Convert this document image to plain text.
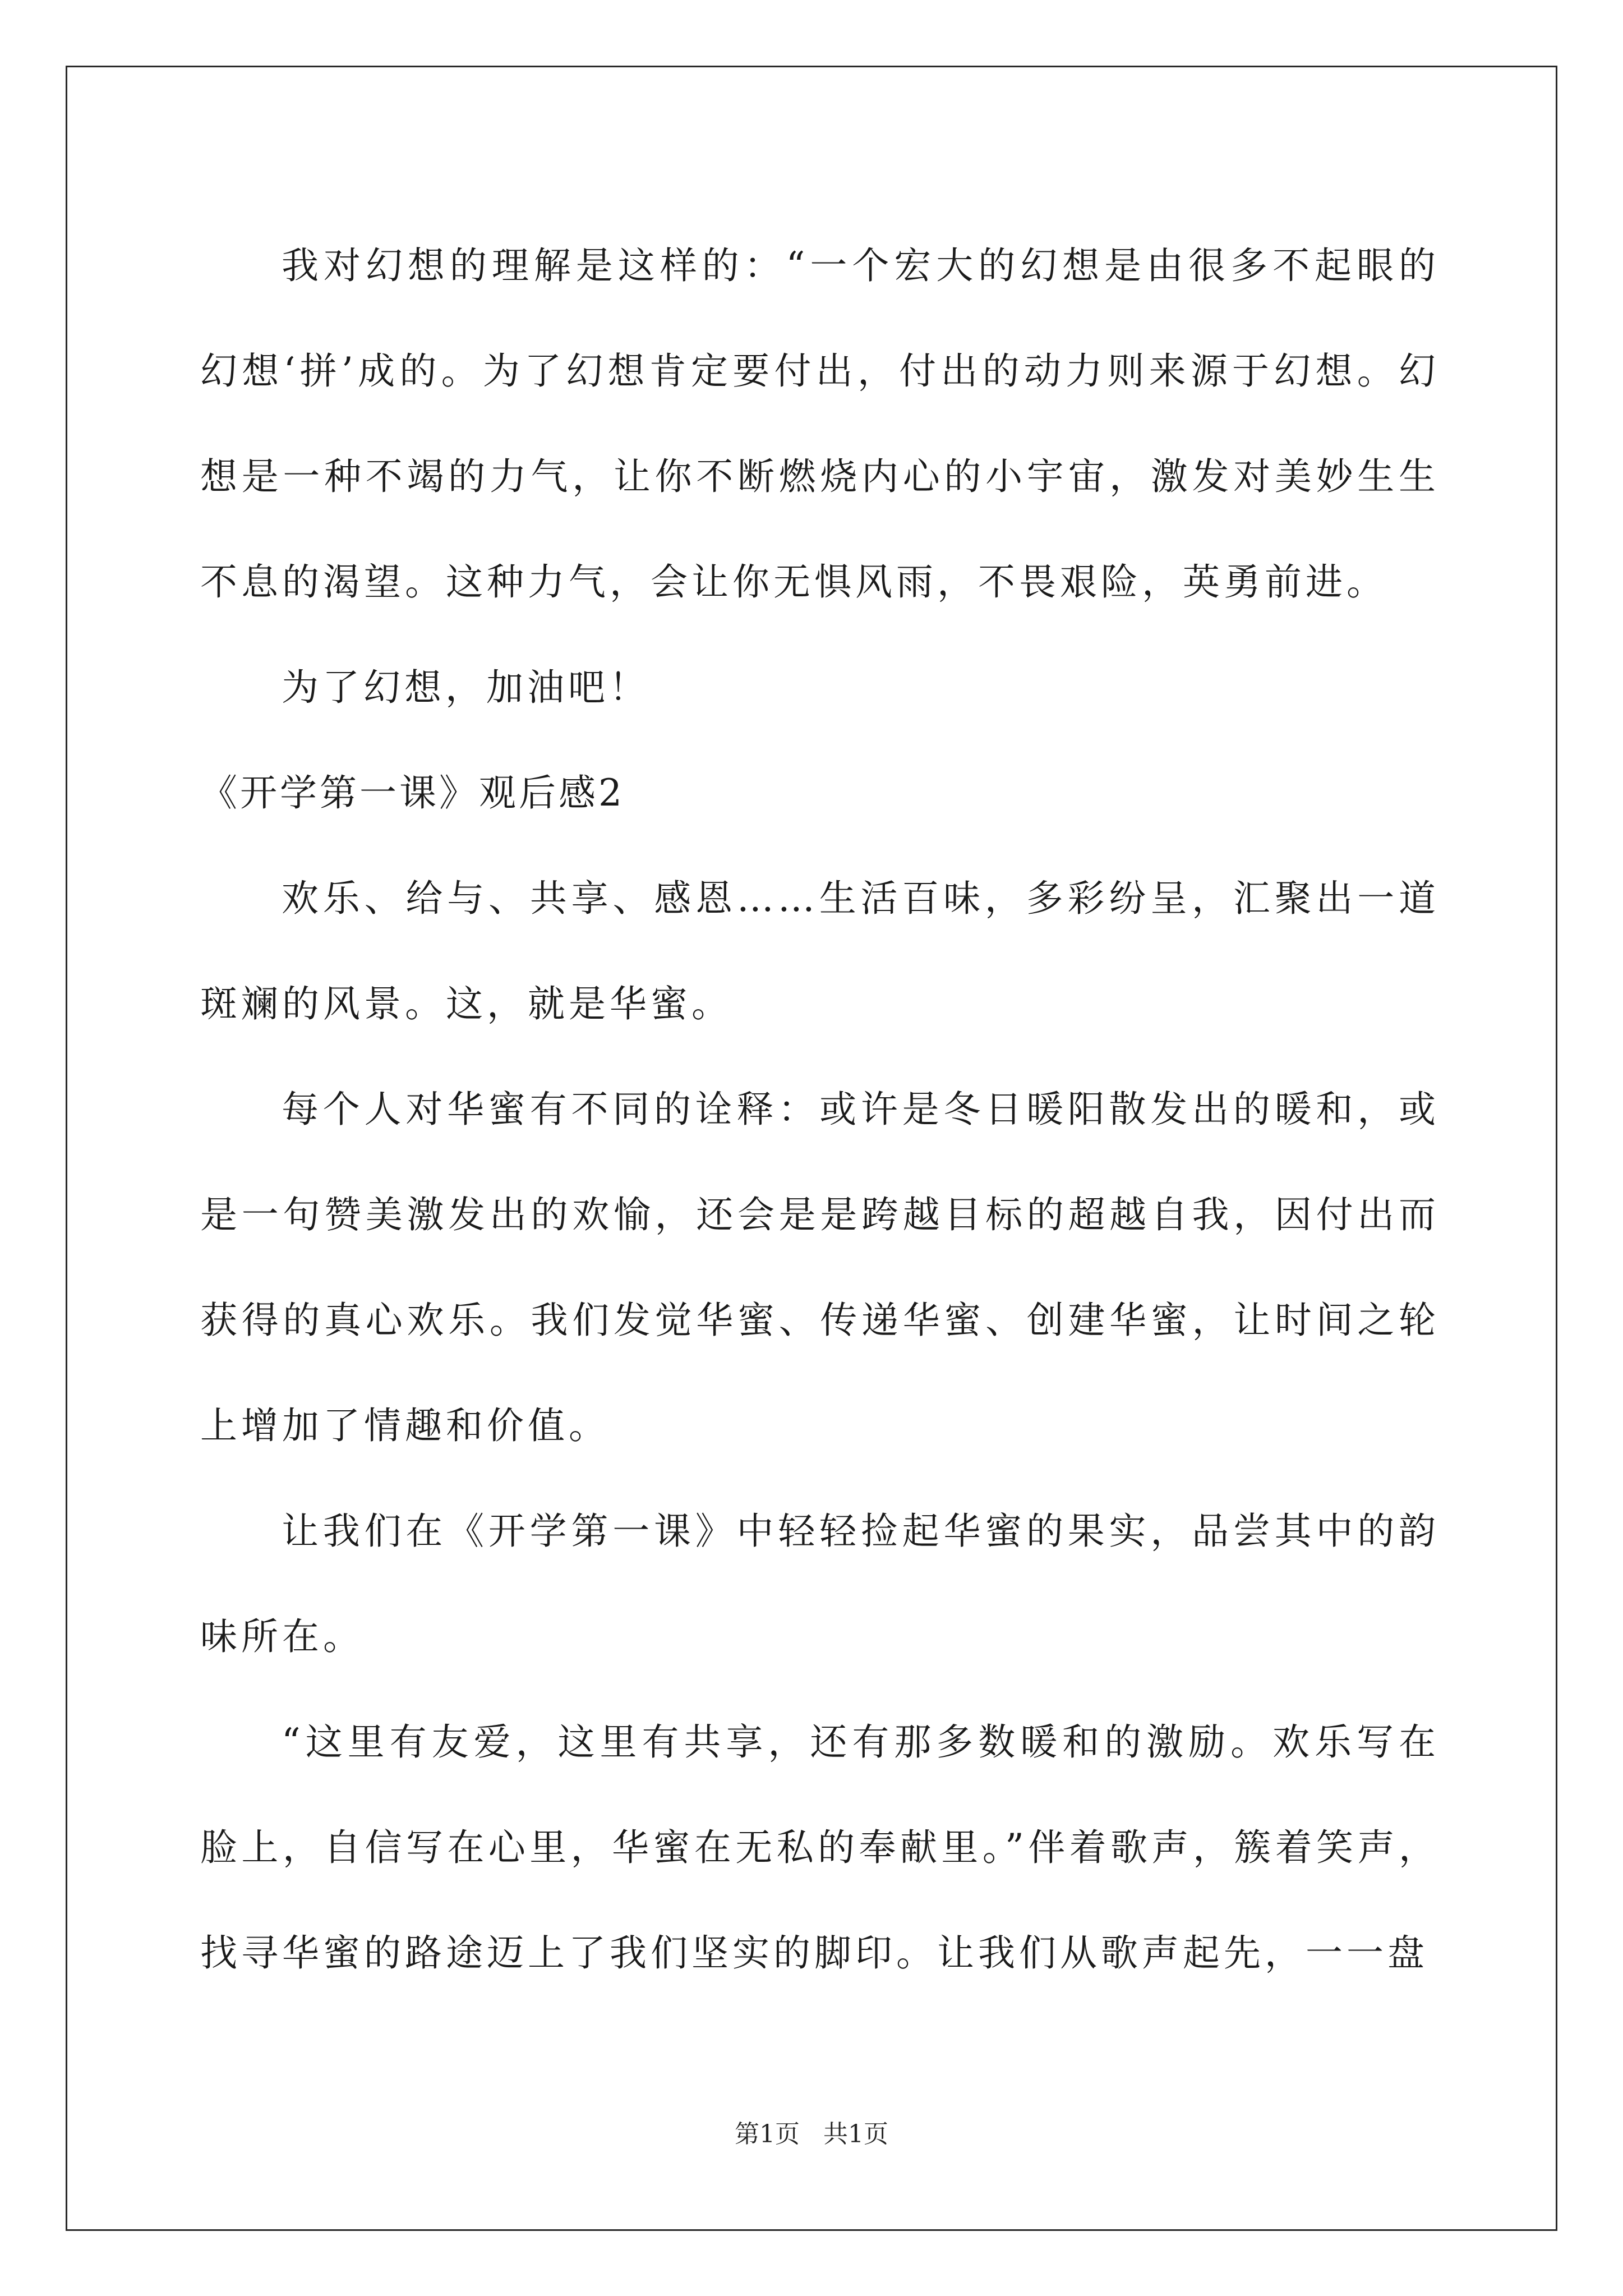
我对幻想的理解是这样的：“一个宏大的幻想是由很多不起眼的幻想‘拼’成的。为了幻想肯定要付出，付出的动力则来源于幻想。幻想是一种不竭的力气，让你不断燃烧内心的小宇宙，激发对美妙生生不息的渴望。这种力气，会让你无惧风雨，不畏艰险，英勇前进。

为了幻想，加油吧！

《开学第一课》观后感2

欢乐、给与、共享、感恩……生活百味，多彩纷呈，汇聚出一道斑斓的风景。这，就是华蜜。

每个人对华蜜有不同的诠释：或许是冬日暖阳散发出的暖和，或是一句赞美激发出的欢愉，还会是是跨越目标的超越自我，因付出而获得的真心欢乐。我们发觉华蜜、传递华蜜、创建华蜜，让时间之轮上增加了情趣和价值。

让我们在《开学第一课》中轻轻捡起华蜜的果实，品尝其中的韵味所在。

“这里有友爱，这里有共享，还有那多数暖和的激励。欢乐写在脸上，自信写在心里，华蜜在无私的奉献里。”伴着歌声，簇着笑声，找寻华蜜的路途迈上了我们坚实的脚印。让我们从歌声起先，一一盘

第1页   共1页
